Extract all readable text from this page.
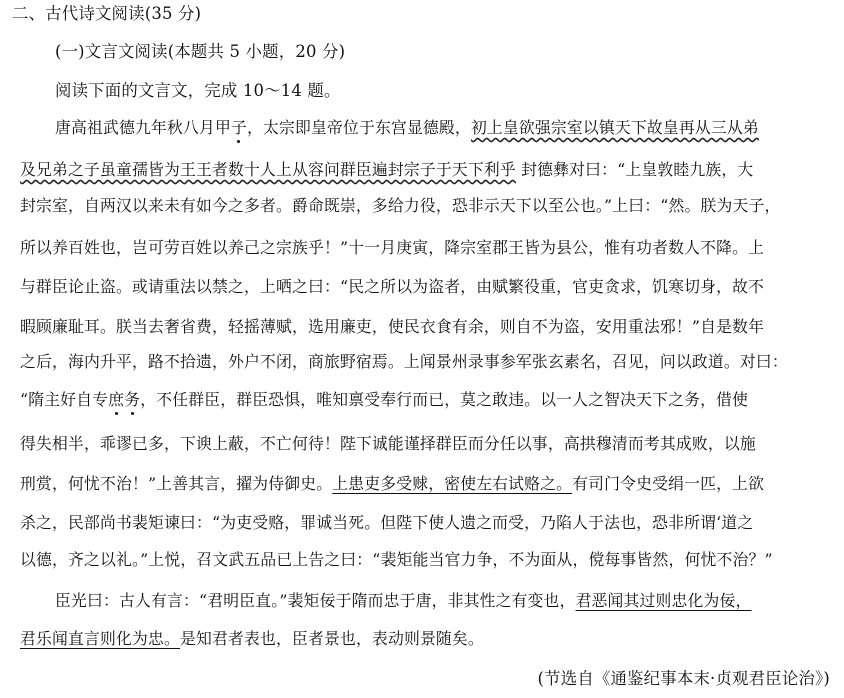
二、古代诗文阅读(35 分)
(一)文言文阅读(本题共 5 小题，20 分)
阅读下面的文言文，完成 10～14 题。
唐高祖武德九年秋八月甲子，太宗即皇帝位于东宫显德殿，初上皇欲强宗室以镇天下故皇再从三从弟
及兄弟之子虽童孺皆为王王者数十人上从容问群臣遍封宗子于天下利乎 封德彝对曰：“上皇敦睦九族，大
封宗室，自两汉以来未有如今之多者。爵命既崇，多给力役，恐非示天下以至公也。”上曰：“然。朕为天子，
所以养百姓也，岂可劳百姓以养己之宗族乎！”十一月庚寅，降宗室郡王皆为县公，惟有功者数人不降。上
与群臣论止盗。或请重法以禁之，上哂之曰：“民之所以为盗者，由赋繁役重，官吏贪求，饥寒切身，故不
暇顾廉耻耳。朕当去奢省费，轻摇薄赋，选用廉吏，使民衣食有余，则自不为盗，安用重法邪！”自是数年
之后，海内升平，路不拾遗，外户不闭，商旅野宿焉。上闻景州录事参军张玄素名，召见，问以政道。对曰：
“隋主好自专庶务，不任群臣，群臣恐惧，唯知禀受奉行而已，莫之敢违。以一人之智决天下之务，借使
得失相半，乖谬已多，下谀上蔽，不亡何待！陛下诚能谨择群臣而分任以事，高拱穆清而考其成败，以施
刑赏，何忧不治！”上善其言，擢为侍御史。上患吏多受赇，密使左右试赂之。有司门令史受绢一匹，上欲
杀之，民部尚书裴矩谏曰：“为吏受赂，罪诚当死。但陛下使人遗之而受，乃陷人于法也，恐非所谓‘道之
以德，齐之以礼。”上悦，召文武五品已上告之曰：“裴矩能当官力争，不为面从，傥每事皆然，何忧不治？”
臣光曰：古人有言：“君明臣直。”裴矩佞于隋而忠于唐，非其性之有变也，君恶闻其过则忠化为佞，
君乐闻直言则化为忠。是知君者表也，臣者景也，表动则景随矣。
(节选自《通鉴纪事本末·贞观君臣论治》)
